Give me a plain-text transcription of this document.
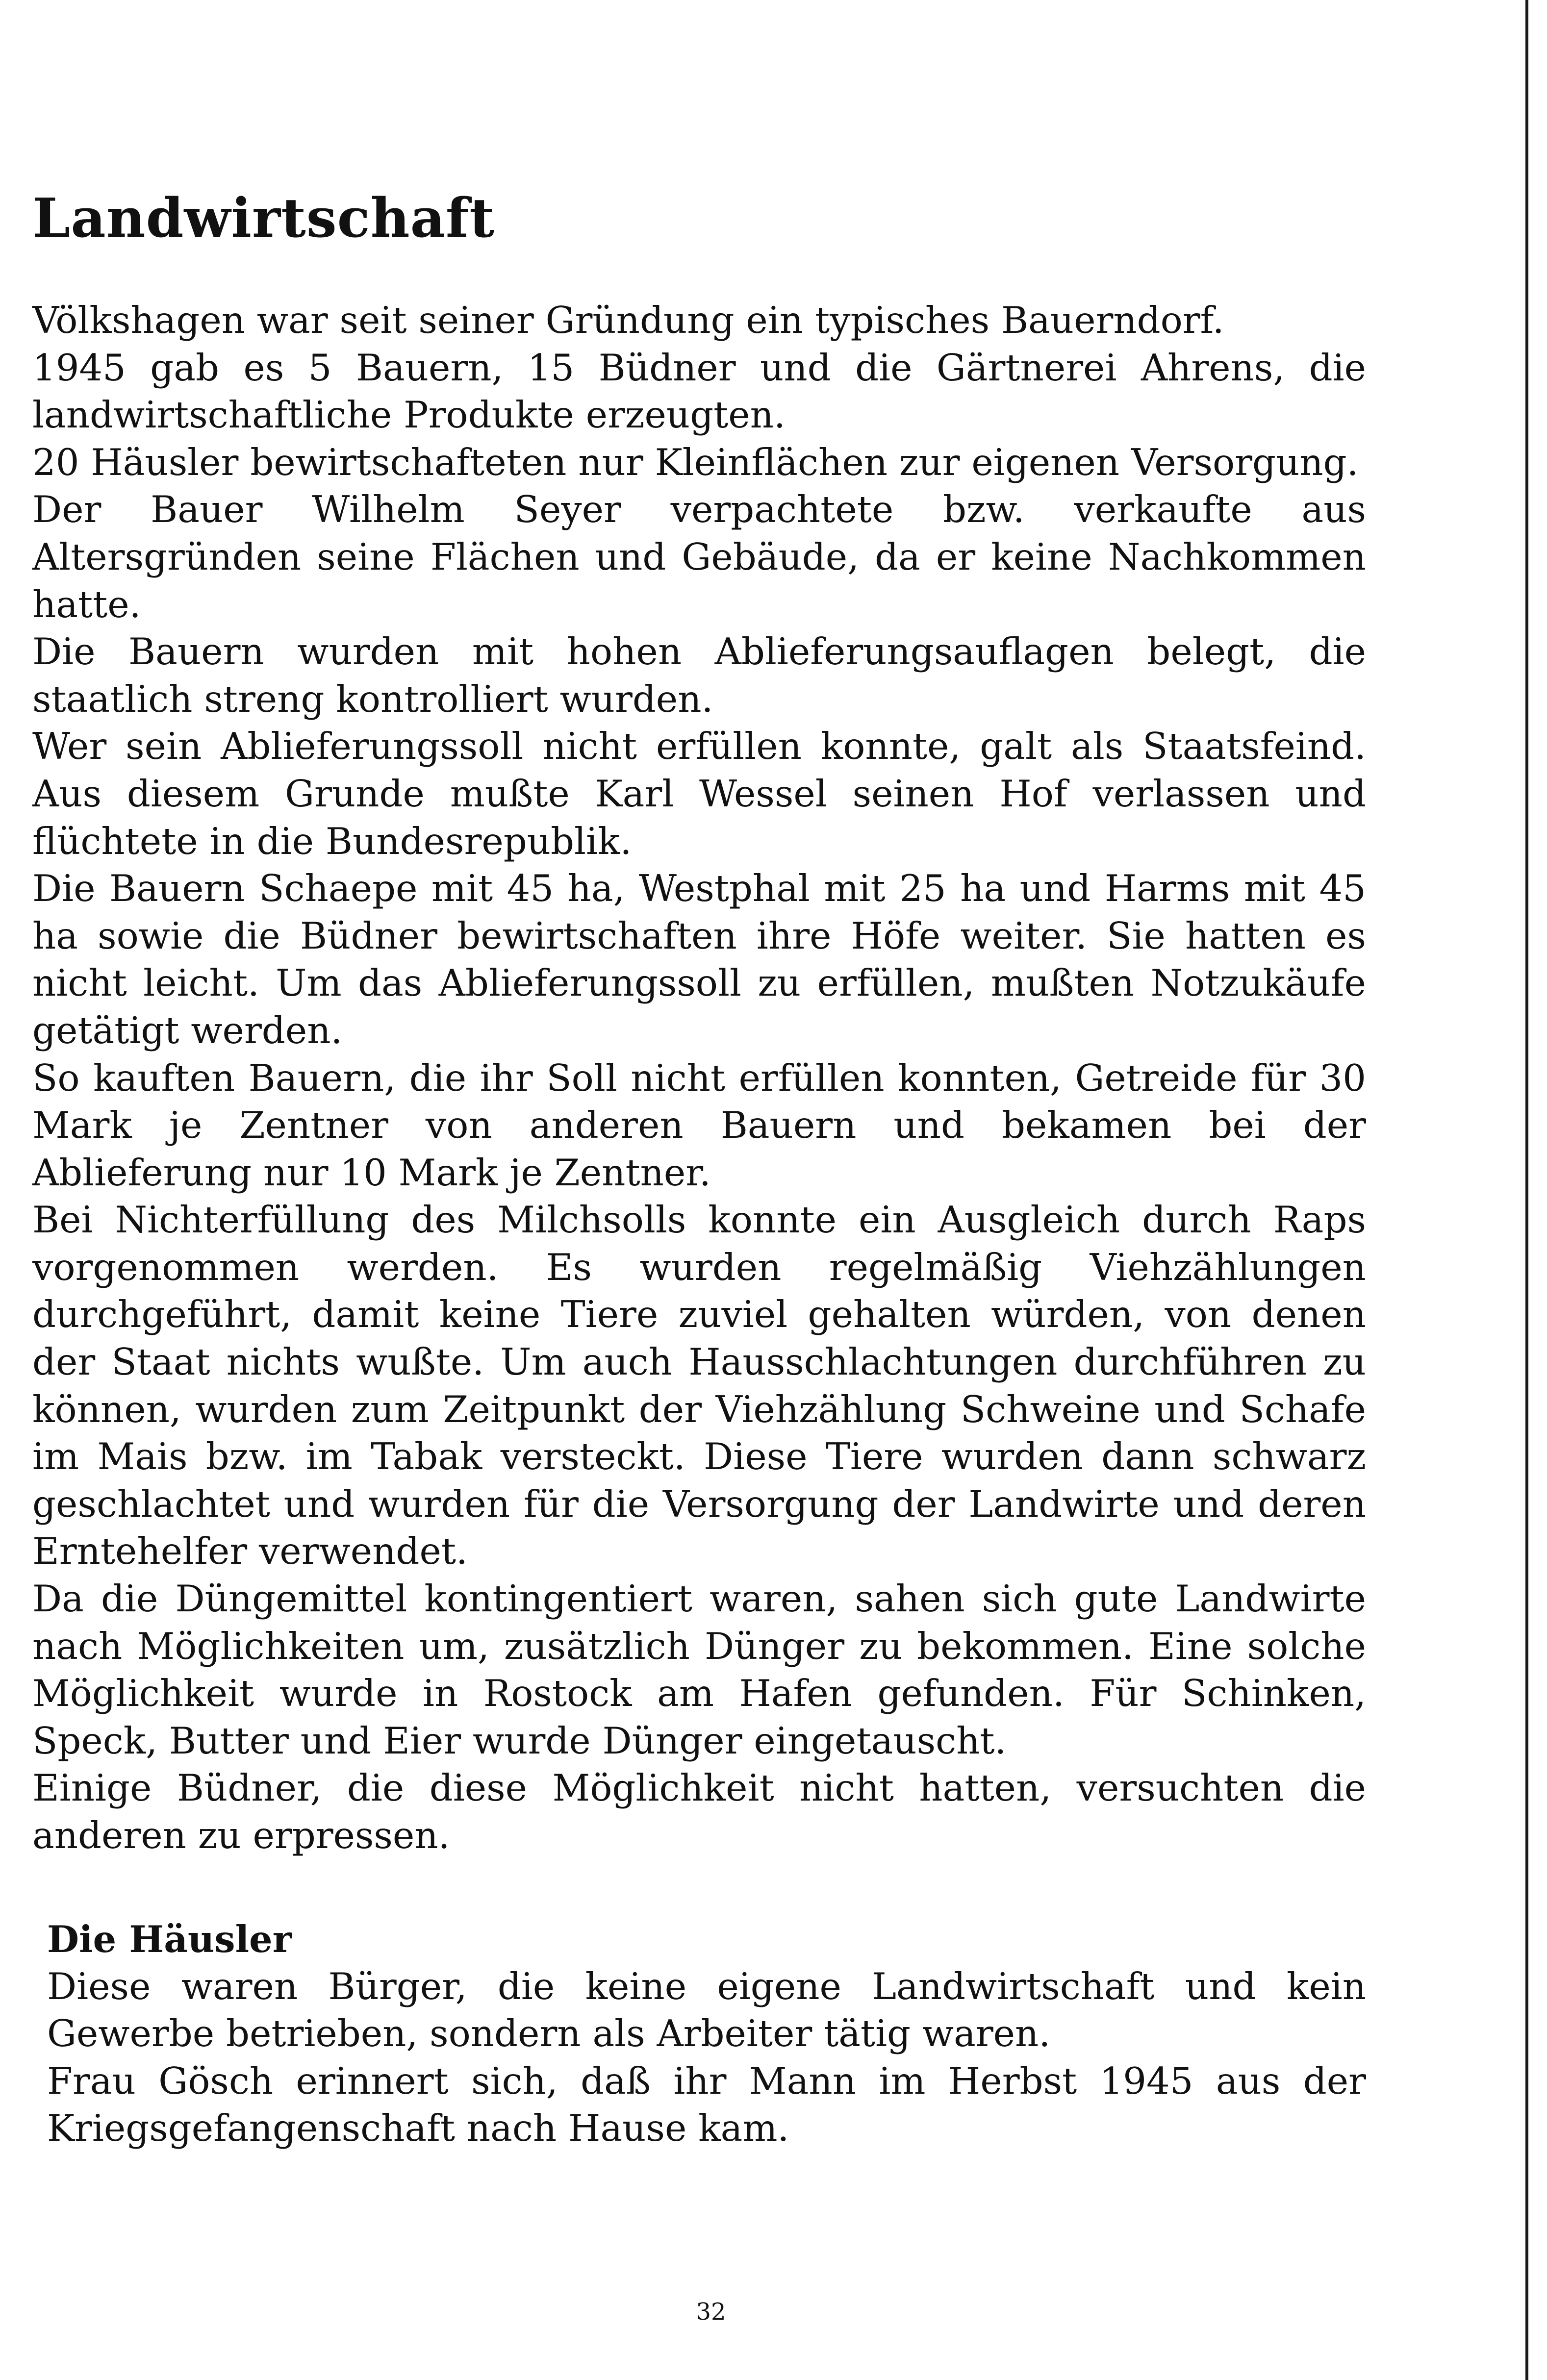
Landwirtschaft

Völkshagen war seit seiner Gründung ein typisches Bauerndorf.

1945 gab es 5 Bauern, 15 Büdner und die Gärtnerei Ahrens, die landwirtschaftliche Produkte erzeugten.

20 Häusler bewirtschafteten nur Kleinflächen zur eigenen Versorgung.

Der Bauer Wilhelm Seyer verpachtete bzw. verkaufte aus Altersgründen seine Flächen und Gebäude, da er keine Nachkommen hatte.

Die Bauern wurden mit hohen Ablieferungsauflagen belegt, die staatlich streng kontrolliert wurden.

Wer sein Ablieferungssoll nicht erfüllen konnte, galt als Staatsfeind. Aus diesem Grunde mußte Karl Wessel seinen Hof verlassen und flüchtete in die Bundesrepublik.

Die Bauern Schaepe mit 45 ha, Westphal mit 25 ha und Harms mit 45 ha sowie die Büdner bewirtschaften ihre Höfe weiter. Sie hatten es nicht leicht. Um das Ablieferungssoll zu erfüllen, mußten Notzukäufe getätigt werden.

So kauften Bauern, die ihr Soll nicht erfüllen konnten, Getreide für 30 Mark je Zentner von anderen Bauern und bekamen bei der Ablieferung nur 10 Mark je Zentner.

Bei Nichterfüllung des Milchsolls konnte ein Ausgleich durch Raps vorgenommen werden. Es wurden regelmäßig Viehzählungen durchgeführt, damit keine Tiere zuviel gehalten würden, von denen der Staat nichts wußte. Um auch Hausschlachtungen durchführen zu können, wurden zum Zeitpunkt der Viehzählung Schweine und Schafe im Mais bzw. im Tabak versteckt. Diese Tiere wurden dann schwarz geschlachtet und wurden für die Versorgung der Landwirte und deren Erntehelfer verwendet.

Da die Düngemittel kontingentiert waren, sahen sich gute Landwirte nach Möglichkeiten um, zusätzlich Dünger zu bekommen. Eine solche Möglichkeit wurde in Rostock am Hafen gefunden. Für Schinken, Speck, Butter und Eier wurde Dünger eingetauscht.

Einige Büdner, die diese Möglichkeit nicht hatten, versuchten die anderen zu erpressen.

Die Häusler

Diese waren Bürger, die keine eigene Landwirtschaft und kein Gewerbe betrieben, sondern als Arbeiter tätig waren.

Frau Gösch erinnert sich, daß ihr Mann im Herbst 1945 aus der Kriegsgefangenschaft nach Hause kam.

32
